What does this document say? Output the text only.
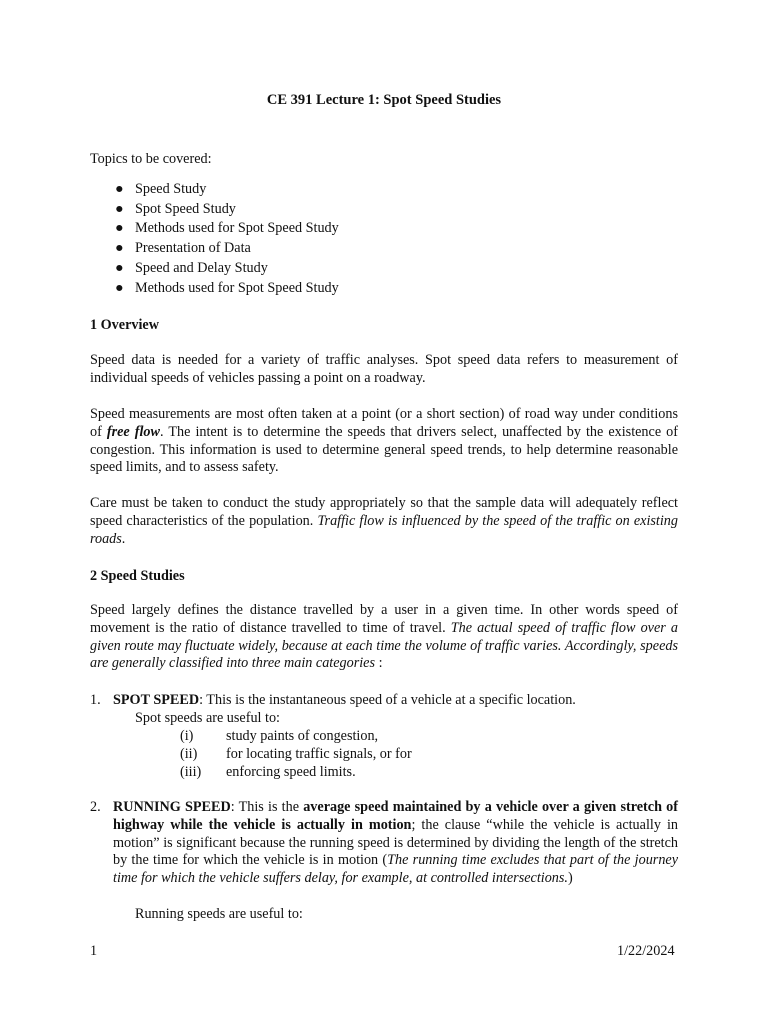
CE 391 Lecture 1: Spot Speed Studies
Topics to be covered:
● Speed Study
● Spot Speed Study
● Methods used for Spot Speed Study
● Presentation of Data
● Speed and Delay Study
● Methods used for Spot Speed Study
1 Overview

Speed data is needed for a variety of traffic analyses. Spot speed data refers to measurement of individual speeds of vehicles passing a point on a roadway.

Speed measurements are most often taken at a point (or a short section) of road way under conditions of free flow. The intent is to determine the speeds that drivers select, unaffected by the existence of congestion. This information is used to determine general speed trends, to help determine reasonable speed limits, and to assess safety.

Care must be taken to conduct the study appropriately so that the sample data will adequately reflect speed characteristics of the population. Traffic flow is influenced by the speed of the traffic on existing roads.

2 Speed Studies

Speed largely defines the distance travelled by a user in a given time. In other words speed of movement is the ratio of distance travelled to time of travel. The actual speed of traffic flow over a given route may fluctuate widely, because at each time the volume of traffic varies. Accordingly, speeds are generally classified into three main categories :

1. SPOT SPEED: This is the instantaneous speed of a vehicle at a specific location.
Spot speeds are useful to:
(i) study paints of congestion,
(ii) for locating traffic signals, or for
(iii) enforcing speed limits.
2. RUNNING SPEED: This is the average speed maintained by a vehicle over a given stretch of highway while the vehicle is actually in motion; the clause “while the vehicle is actually in motion” is significant because the running speed is determined by dividing the length of the stretch by the time for which the vehicle is in motion (The running time excludes that part of the journey time for which the vehicle suffers delay, for example, at controlled intersections.)
Running speeds are useful to:
1	1/22/2024
